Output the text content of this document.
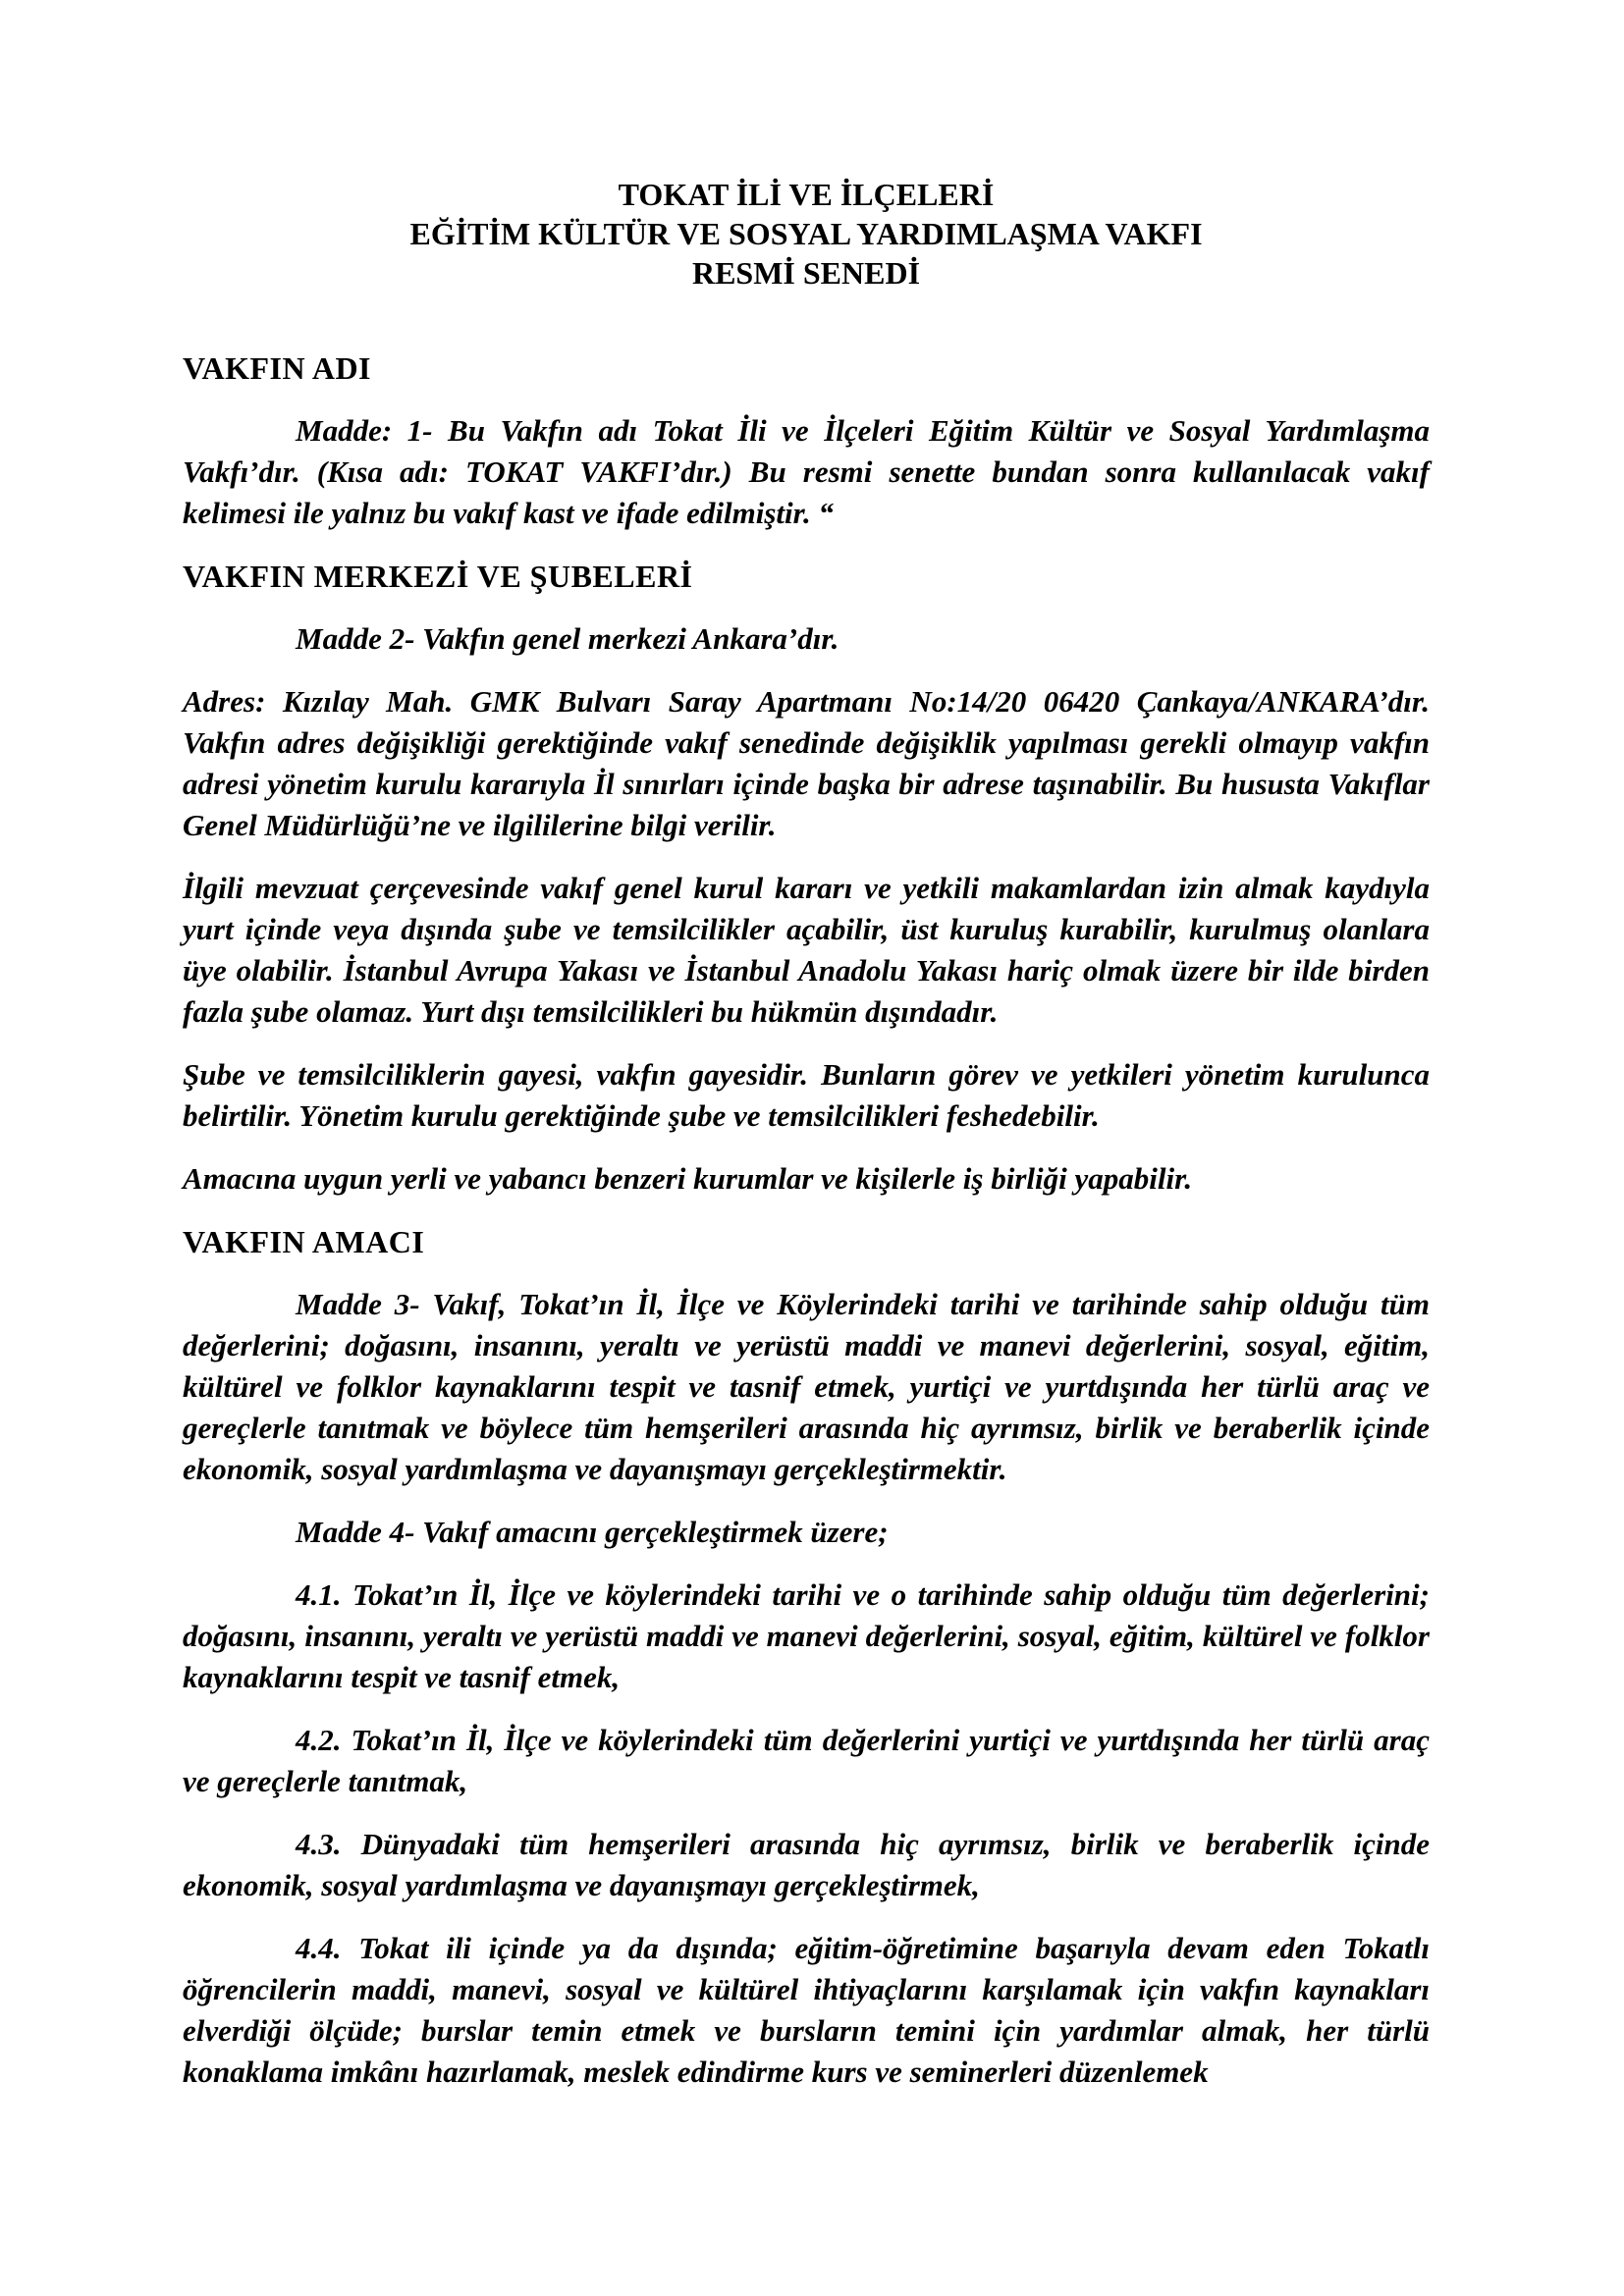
TOKAT İLİ VE İLÇELERİ
EĞİTİM KÜLTÜR VE SOSYAL YARDIMLAŞMA VAKFI
RESMİ SENEDİ
VAKFIN ADI

Madde: 1- Bu Vakfın adı Tokat İli ve İlçeleri Eğitim Kültür ve Sosyal Yardımlaşma Vakfı’dır. (Kısa adı: TOKAT VAKFI’dır.) Bu resmi senette bundan sonra kullanılacak vakıf kelimesi ile yalnız bu vakıf kast ve ifade edilmiştir. “

VAKFIN MERKEZİ VE ŞUBELERİ

Madde 2- Vakfın genel merkezi Ankara’dır.

Adres: Kızılay Mah. GMK Bulvarı Saray Apartmanı No:14/20 06420 Çankaya/ANKARA’dır. Vakfın adres değişikliği gerektiğinde vakıf senedinde değişiklik yapılması gerekli olmayıp vakfın adresi yönetim kurulu kararıyla İl sınırları içinde başka bir adrese taşınabilir. Bu hususta Vakıflar Genel Müdürlüğü’ne ve ilgililerine bilgi verilir.

İlgili mevzuat çerçevesinde vakıf genel kurul kararı ve yetkili makamlardan izin almak kaydıyla yurt içinde veya dışında şube ve temsilcilikler açabilir, üst kuruluş kurabilir, kurulmuş olanlara üye olabilir. İstanbul Avrupa Yakası ve İstanbul Anadolu Yakası hariç olmak üzere bir ilde birden fazla şube olamaz. Yurt dışı temsilcilikleri bu hükmün dışındadır.

Şube ve temsilciliklerin gayesi, vakfın gayesidir. Bunların görev ve yetkileri yönetim kurulunca belirtilir. Yönetim kurulu gerektiğinde şube ve temsilcilikleri feshedebilir.

Amacına uygun yerli ve yabancı benzeri kurumlar ve kişilerle iş birliği yapabilir.

VAKFIN AMACI

Madde 3- Vakıf, Tokat’ın İl, İlçe ve Köylerindeki tarihi ve tarihinde sahip olduğu tüm değerlerini; doğasını, insanını, yeraltı ve yerüstü maddi ve manevi değerlerini, sosyal, eğitim, kültürel ve folklor kaynaklarını tespit ve tasnif etmek, yurtiçi ve yurtdışında her türlü araç ve gereçlerle tanıtmak ve böylece tüm hemşerileri arasında hiç ayrımsız, birlik ve beraberlik içinde ekonomik, sosyal yardımlaşma ve dayanışmayı gerçekleştirmektir.

Madde 4- Vakıf amacını gerçekleştirmek üzere;

4.1. Tokat’ın İl, İlçe ve köylerindeki tarihi ve o tarihinde sahip olduğu tüm değerlerini; doğasını, insanını, yeraltı ve yerüstü maddi ve manevi değerlerini, sosyal, eğitim, kültürel ve folklor kaynaklarını tespit ve tasnif etmek,

4.2. Tokat’ın İl, İlçe ve köylerindeki tüm değerlerini yurtiçi ve yurtdışında her türlü araç ve gereçlerle tanıtmak,

4.3. Dünyadaki tüm hemşerileri arasında hiç ayrımsız, birlik ve beraberlik içinde ekonomik, sosyal yardımlaşma ve dayanışmayı gerçekleştirmek,

4.4. Tokat ili içinde ya da dışında; eğitim-öğretimine başarıyla devam eden Tokatlı öğrencilerin maddi, manevi, sosyal ve kültürel ihtiyaçlarını karşılamak için vakfın kaynakları elverdiği ölçüde; burslar temin etmek ve bursların temini için yardımlar almak, her türlü konaklama imkânı hazırlamak, meslek edindirme kurs ve seminerleri düzenlemek
